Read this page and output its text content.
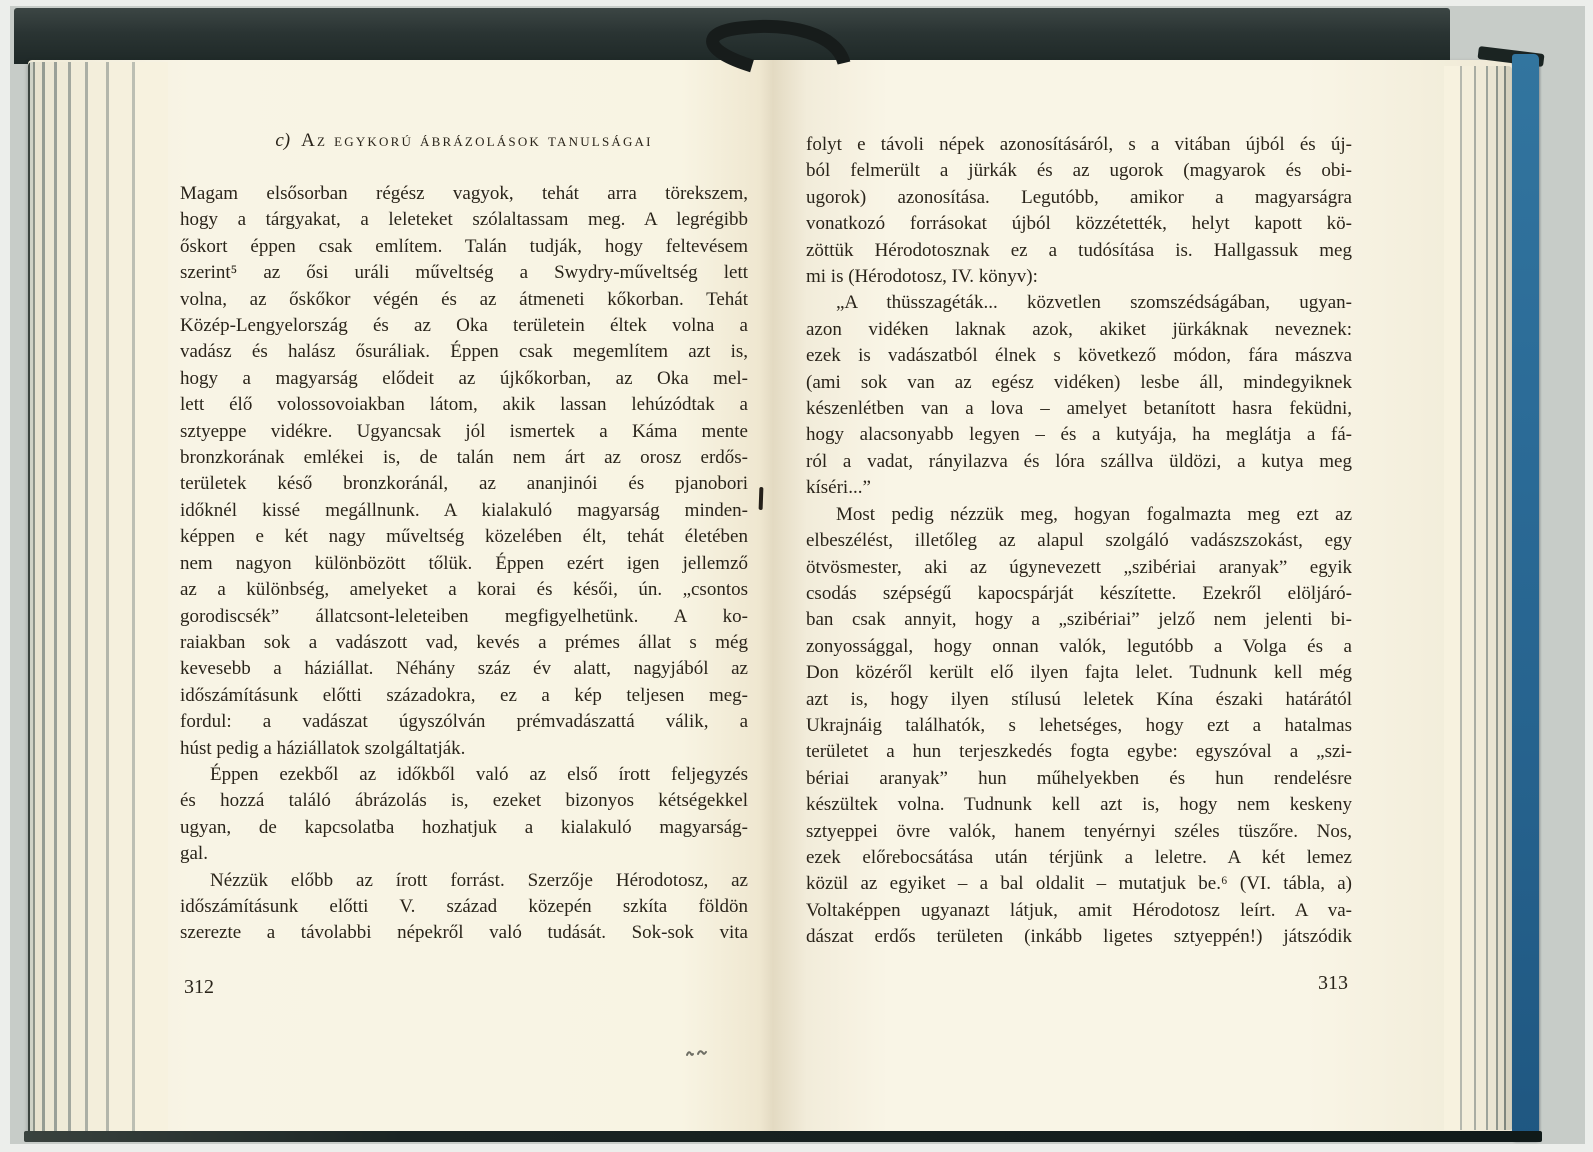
c) Az egykorú ábrázolások tanulságai
Magam elsősorban régész vagyok, tehát arra törekszem,
hogy a tárgyakat, a leleteket szólaltassam meg. A legrégibb
őskort éppen csak említem. Talán tudják, hogy feltevésem
szerint⁵ az ősi uráli műveltség a Swydry-műveltség lett
volna, az őskőkor végén és az átmeneti kőkorban. Tehát
Közép-Lengyelország és az Oka területein éltek volna a
vadász és halász ősuráliak. Éppen csak megemlítem azt is,
hogy a magyarság elődeit az újkőkorban, az Oka mel-
lett élő volossovoiakban látom, akik lassan lehúzódtak a
sztyeppe vidékre. Ugyancsak jól ismertek a Káma mente
bronzkorának emlékei is, de talán nem árt az orosz erdős-
területek késő bronzkoránál, az ananjinói és pjanobori
időknél kissé megállnunk. A kialakuló magyarság minden-
képpen e két nagy műveltség közelében élt, tehát életében
nem nagyon különbözött tőlük. Éppen ezért igen jellemző
az a különbség, amelyeket a korai és késői, ún. „csontos
gorodiscsék” állatcsont-leleteiben megfigyelhetünk. A ko-
raiakban sok a vadászott vad, kevés a prémes állat s még
kevesebb a háziállat. Néhány száz év alatt, nagyjából az
időszámításunk előtti századokra, ez a kép teljesen meg-
fordul: a vadászat úgyszólván prémvadászattá válik, a
húst pedig a háziállatok szolgáltatják.
Éppen ezekből az időkből való az első írott feljegyzés
és hozzá találó ábrázolás is, ezeket bizonyos kétségekkel
ugyan, de kapcsolatba hozhatjuk a kialakuló magyarság-
gal.
Nézzük előbb az írott forrást. Szerzője Hérodotosz, az
időszámításunk előtti V. század közepén szkíta földön
szerezte a távolabbi népekről való tudását. Sok-sok vita
folyt e távoli népek azonosításáról, s a vitában újból és új-
ból felmerült a jürkák és az ugorok (magyarok és obi-
ugorok) azonosítása. Legutóbb, amikor a magyarságra
vonatkozó forrásokat újból közzétették, helyt kapott kö-
zöttük Hérodotosznak ez a tudósítása is. Hallgassuk meg
mi is (Hérodotosz, IV. könyv):
„A thüsszagéták... közvetlen szomszédságában, ugyan-
azon vidéken laknak azok, akiket jürkáknak neveznek:
ezek is vadászatból élnek s következő módon, fára mászva
(ami sok van az egész vidéken) lesbe áll, mindegyiknek
készenlétben van a lova – amelyet betanított hasra feküdni,
hogy alacsonyabb legyen – és a kutyája, ha meglátja a fá-
ról a vadat, rányilazva és lóra szállva üldözi, a kutya meg
kíséri...”
Most pedig nézzük meg, hogyan fogalmazta meg ezt az
elbeszélést, illetőleg az alapul szolgáló vadászszokást, egy
ötvösmester, aki az úgynevezett „szibériai aranyak” egyik
csodás szépségű kapocspárját készítette. Ezekről elöljáró-
ban csak annyit, hogy a „szibériai” jelző nem jelenti bi-
zonyossággal, hogy onnan valók, legutóbb a Volga és a
Don közéről került elő ilyen fajta lelet. Tudnunk kell még
azt is, hogy ilyen stílusú leletek Kína északi határától
Ukrajnáig találhatók, s lehetséges, hogy ezt a hatalmas
területet a hun terjeszkedés fogta egybe: egyszóval a „szi-
bériai aranyak” hun műhelyekben és hun rendelésre
készültek volna. Tudnunk kell azt is, hogy nem keskeny
sztyeppei övre valók, hanem tenyérnyi széles tüszőre. Nos,
ezek előrebocsátása után térjünk a leletre. A két lemez
közül az egyiket – a bal oldalit – mutatjuk be.⁶ (VI. tábla, a)
Voltaképpen ugyanazt látjuk, amit Hérodotosz leírt. A va-
dászat erdős területen (inkább ligetes sztyeppén!) játszódik
312	313
